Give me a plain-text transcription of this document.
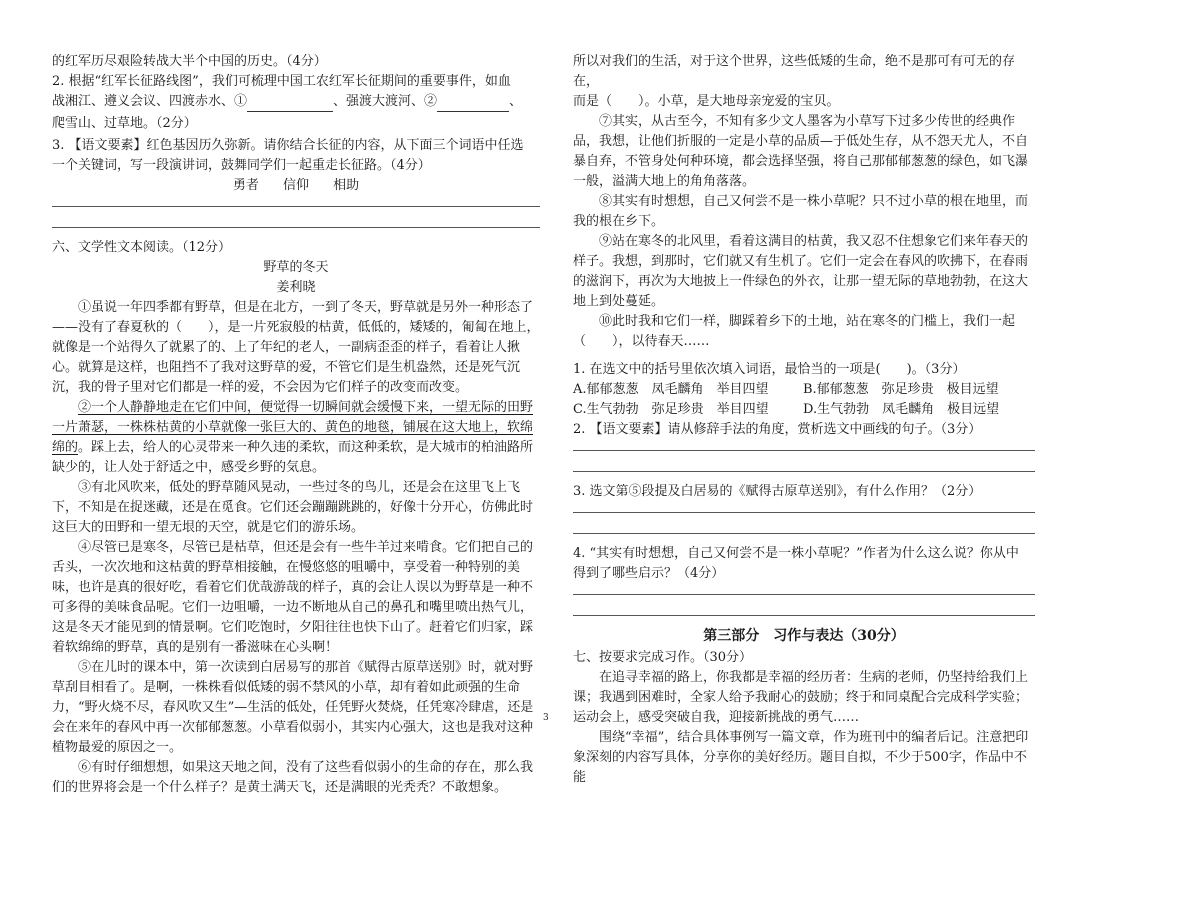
的红军历尽艰险转战大半个中国的历史。（4分）

2. 根据“红军长征路线图”，我们可梳理中国工农红军长征期间的重要事件，如血

战湘江、遵义会议、四渡赤水、①	、强渡大渡河、②	、

爬雪山、过草地。（2分）

3. 【语文要素】红色基因历久弥新。请你结合长征的内容，从下面三个词语中任选

一个关键词，写一段演讲词，鼓舞同学们一起重走长征路。（4分）

勇者 信仰 相助

六、文学性文本阅读。（12分）

野草的冬天

姜利晓

①虽说一年四季都有野草，但是在北方，一到了冬天，野草就是另外一种形态了——没有了春夏秋的（　　），是一片死寂般的枯黄，低低的，矮矮的，匍匐在地上，就像是一个站得久了就累了的、上了年纪的老人，一副病歪歪的样子，看着让人揪心。就算是这样，也阻挡不了我对这野草的爱，不管它们是生机盎然，还是死气沉沉，我的骨子里对它们都是一样的爱，不会因为它们样子的改变而改变。

②一个人静静地走在它们中间，便觉得一切瞬间就会缓慢下来，一望无际的田野一片萧瑟，一株株枯黄的小草就像一张巨大的、黄色的地毯，铺展在这大地上，软绵绵的。踩上去，给人的心灵带来一种久违的柔软，而这种柔软，是大城市的柏油路所缺少的，让人处于舒适之中，感受乡野的気息。

③有北风吹来，低处的野草随风晃动，一些过冬的鸟儿，还是会在这里飞上飞下，不知是在捉迷藏，还是在觅食。它们还会蹦蹦跳跳的，好像十分开心，仿佛此时这巨大的田野和一望无垠的天空，就是它们的游乐场。

④尽管已是寒冬，尽管已是枯草，但还是会有一些牛羊过来啃食。它们把自己的舌头，一次次地和这枯黄的野草相接触，在慢悠悠的咀嚼中，享受着一种特别的美味，也许是真的很好吃，看着它们优哉游哉的样子，真的会让人误以为野草是一种不可多得的美味食品呢。它们一边咀嚼，一边不断地从自己的鼻孔和嘴里喷出热气儿，这是冬天才能见到的情景啊。它们吃饱时，夕阳往往也快下山了。赶着它们归家，踩着软绵绵的野草，真的是别有一番滋味在心头啊！

⑤在儿时的课本中，第一次读到白居易写的那首《赋得古原草送别》时，就对野草刮目相看了。是啊，一株株看似低矮的弱不禁风的小草，却有着如此顽强的生命力，“野火烧不尽，春风吹又生”—生活的低处，任凭野火焚烧，任凭寒冷肆虐，还是会在来年的春风中再一次郁郁葱葱。小草看似弱小，其实内心强大，这也是我对这种植物最爱的原因之一。

⑥有时仔细想想，如果这天地之间，没有了这些看似弱小的生命的存在，那么我们的世界将会是一个什么样子？是黄土满天飞，还是满眼的光秃秃？不敢想象。

3

所以对我们的生活，对于这个世界，这些低矮的生命，绝不是那可有可无的存在，

而是（　　）。小草，是大地母亲宠爱的宝贝。

⑦其实，从古至今，不知有多少文人墨客为小草写下过多少传世的经典作品，我想，让他们折服的一定是小草的品质—于低处生存，从不怨天尤人，不自暴自弃，不管身处何种环境，都会选择坚强，将自己那郁郁葱葱的绿色，如飞瀑一般，溢满大地上的角角落落。

⑧其实有时想想，自己又何尝不是一株小草呢？只不过小草的根在地里，而我的根在乡下。

⑨站在寒冬的北风里，看着这满目的枯黄，我又忍不住想象它们来年春天的样子。我想，到那时，它们就又有生机了。它们一定会在春风的吹拂下，在春雨的滋润下，再次为大地披上一件绿色的外衣，让那一望无际的草地勃勃，在这大地上到处蔓延。

⑩此时我和它们一样，脚踩着乡下的土地，站在寒冬的门槛上，我们一起（　　），以待春天……

1. 在选文中的括号里依次填入词语，最恰当的一项是(　　)。（3分）

A.郁郁葱葱　凤毛麟角　举目四望	B.郁郁葱葱　弥足珍贵　极目远望

C.生气勃勃　弥足珍贵　举目四望	D.生气勃勃　凤毛麟角　极目远望

2. 【语文要素】请从修辞手法的角度，赏析选文中画线的句子。（3分）

3. 选文第⑤段提及白居易的《赋得古原草送别》，有什么作用？（2分）

4. “其实有时想想，自己又何尝不是一株小草呢？”作者为什么这么说？你从中

得到了哪些启示？（4分）

第三部分　习作与表达（30分）

七、按要求完成习作。（30分）

在追寻幸福的路上，你我都是幸福的经历者：生病的老师，仍坚持给我们上课；我遇到困难时，全家人给予我耐心的鼓励；终于和同桌配合完成科学实验；运动会上，感受突破自我，迎接新挑战的勇气……

围绕“幸福”，结合具体事例写一篇文章，作为班刊中的编者后记。注意把印象深刻的内容写具体，分享你的美好经历。题目自拟，不少于500字，作品中不能
